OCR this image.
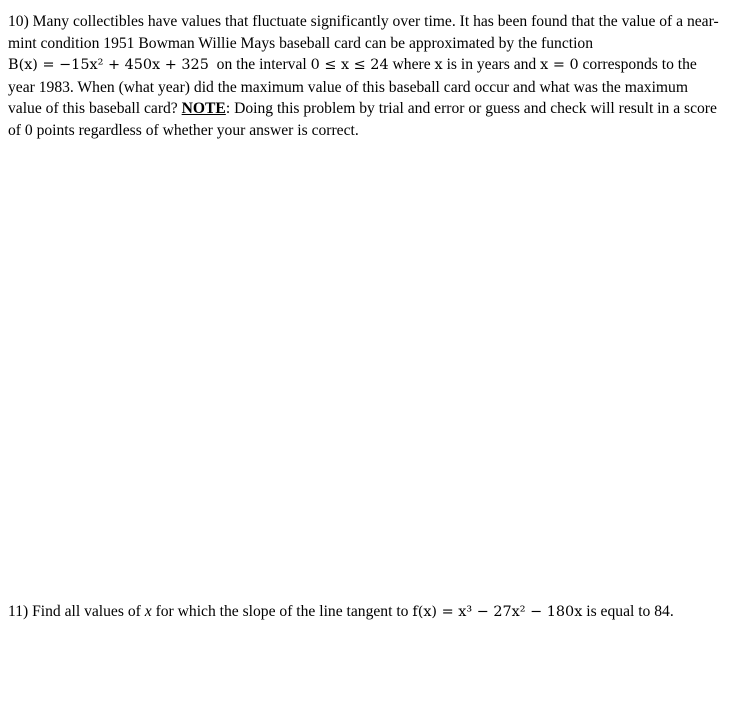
10) Many collectibles have values that fluctuate significantly over time. It has been found that the value of a near-mint condition 1951 Bowman Willie Mays baseball card can be approximated by the function B(x) = −15x² + 450x + 325 on the interval 0 ≤ x ≤ 24 where x is in years and x = 0 corresponds to the year 1983. When (what year) did the maximum value of this baseball card occur and what was the maximum value of this baseball card? NOTE: Doing this problem by trial and error or guess and check will result in a score of 0 points regardless of whether your answer is correct.

11) Find all values of x for which the slope of the line tangent to f(x) = x³ − 27x² − 180x is equal to 84.
